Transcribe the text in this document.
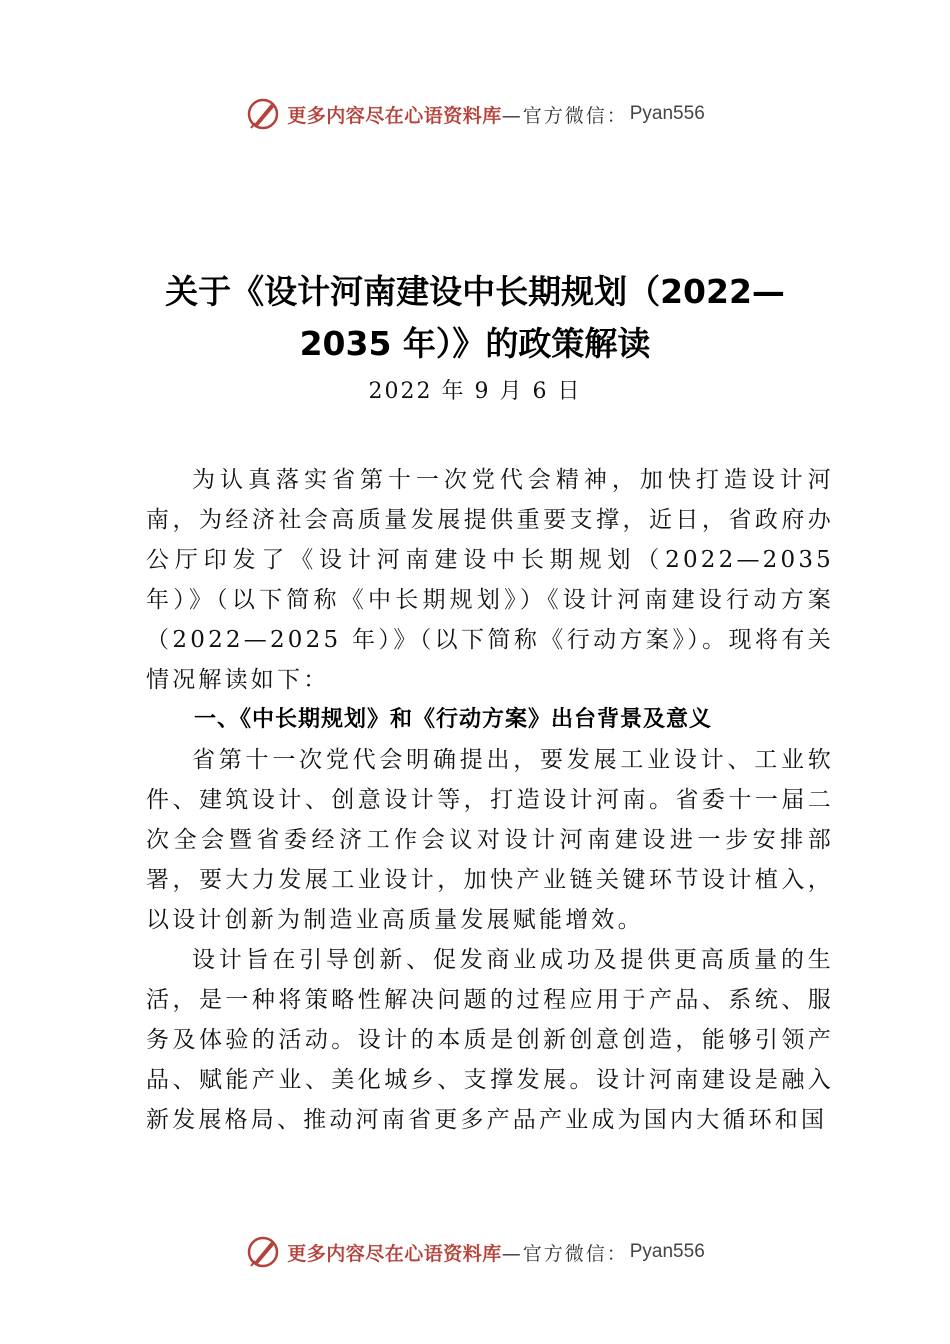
更多内容尽在心语资料库 —官方微信： Pyan556
关于《设计河南建设中长期规划（2022—
2035 年）》的政策解读
2022 年 9 月 6 日

为认真落实省第十一次党代会精神，加快打造设计河南，为经济社会高质量发展提供重要支撑，近日，省政府办公厅印发了《设计河南建设中长期规划（2022—2035 年）》（以下简称《中长期规划》）《设计河南建设行动方案（2022—2025 年）》（以下简称《行动方案》）。现将有关情况解读如下：

一、《中长期规划》和《行动方案》出台背景及意义

省第十一次党代会明确提出，要发展工业设计、工业软件、建筑设计、创意设计等，打造设计河南。省委十一届二次全会暨省委经济工作会议对设计河南建设进一步安排部署，要大力发展工业设计，加快产业链关键环节设计植入， 以设计创新为制造业高质量发展赋能增效。

设计旨在引导创新、促发商业成功及提供更高质量的生活，是一种将策略性解决问题的过程应用于产品、系统、服务及体验的活动。设计的本质是创新创意创造，能够引领产品、赋能产业、美化城乡、支撑发展。设计河南建设是融入新发展格局、推动河南省更多产品产业成为国内大循环和国

更多内容尽在心语资料库 —官方微信： Pyan556
